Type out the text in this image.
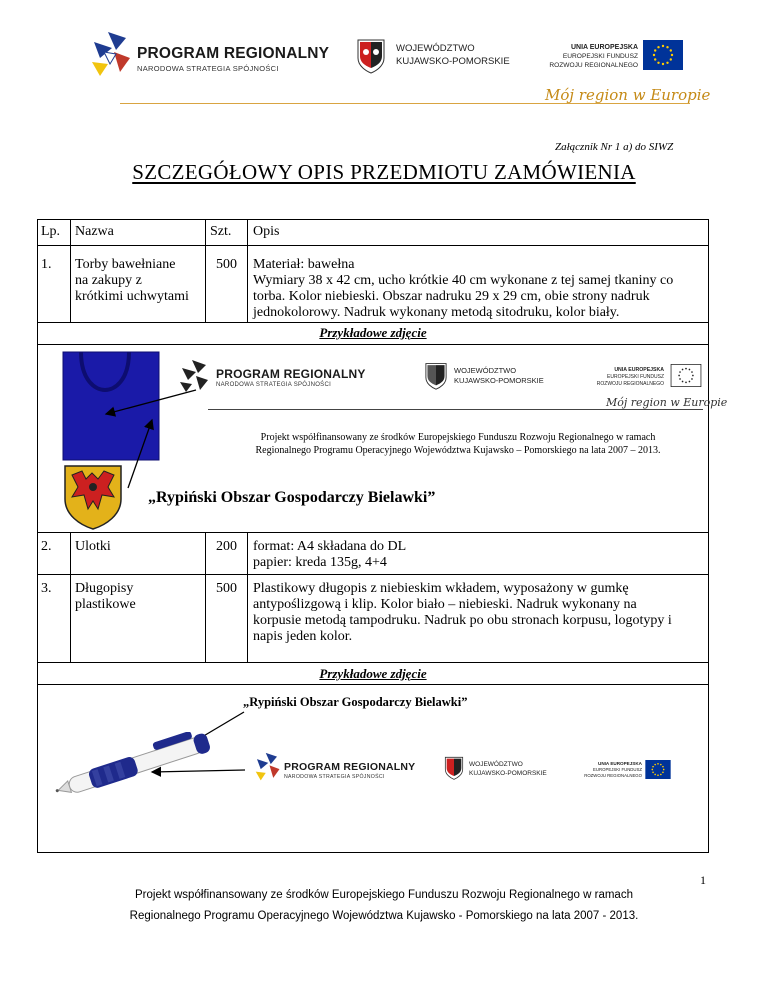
PROGRAM REGIONALNY
NARODOWA STRATEGIA SPÓJNOŚCI
WOJEWÓDZTWO
KUJAWSKO-POMORSKIE
UNIA EUROPEJSKA
EUROPEJSKI FUNDUSZ
ROZWOJU REGIONALNEGO
Mój region w Europie
Załącznik Nr 1 a) do SIWZ
SZCZEGÓŁOWY OPIS PRZEDMIOTU ZAMÓWIENIA
Lp. Nazwa	Szt. Opis
1. Torby bawełniane
na zakupy z
krótkimi uchwytami
500 Materiał: bawełna
Wymiary 38 x 42 cm, ucho krótkie 40 cm wykonane z tej samej tkaniny co
torba. Kolor niebieski. Obszar nadruku 29 x 29 cm, obie strony nadruk
jednokolorowy. Nadruk wykonany metodą sitodruku, kolor biały.
Przykładowe zdjęcie
PROGRAM REGIONALNY
NARODOWA STRATEGIA SPÓJNOŚCI
WOJEWÓDZTWO
KUJAWSKO-POMORSKIE
UNIA EUROPEJSKA
EUROPEJSKI FUNDUSZ
ROZWOJU REGIONALNEGO
Mój region w Europie
Projekt współfinansowany ze środków Europejskiego Funduszu Rozwoju Regionalnego w ramach
Regionalnego Programu Operacyjnego Województwa Kujawsko – Pomorskiego na lata 2007 – 2013.
„Rypiński Obszar Gospodarczy Bielawki”
2. Ulotki	200 format: A4 składana do DL
papier: kreda 135g, 4+4
3. Długopisy
plastikowe
500 Plastikowy długopis z niebieskim wkładem, wyposażony w gumkę
antypoślizgową i klip. Kolor biało – niebieski. Nadruk wykonany na
korpusie metodą tampodruku. Nadruk po obu stronach korpusu, logotypy i
napis jeden kolor.
Przykładowe zdjęcie
„Rypiński Obszar Gospodarczy Bielawki”
PROGRAM REGIONALNY
NARODOWA STRATEGIA SPÓJNOŚCI
WOJEWÓDZTWO
KUJAWSKO-POMORSKIE
UNIA EUROPEJSKA
EUROPEJSKI FUNDUSZ
ROZWOJU REGIONALNEGO
1
Projekt współfinansowany ze środków Europejskiego Funduszu Rozwoju Regionalnego w ramach
Regionalnego Programu Operacyjnego Województwa Kujawsko - Pomorskiego na lata 2007 - 2013.
